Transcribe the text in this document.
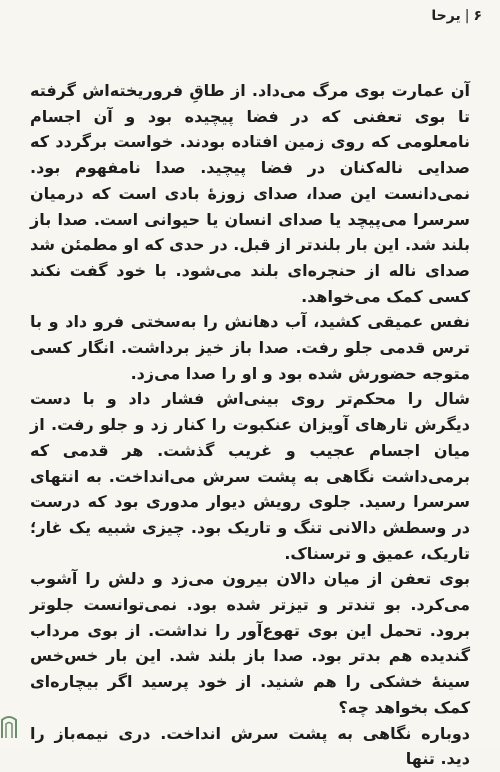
۶|یرحا

آن عمارت بوی مرگ می‌داد. از طاقِ فروریخته‌اش گرفته تا بوی تعفنی که در فضا پیچیده بود و آن اجسام نامعلومی که روی زمین افتاده بودند. خواست برگردد که صدایی ناله‌کنان در فضا پیچید. صدا نامفهوم بود. نمی‌دانست این صدا، صدای زوزهٔ بادی است که درمیان سرسرا می‌پیچد یا صدای انسان یا حیوانی است. صدا باز بلند شد. این بار بلندتر از قبل. در حدی که او مطمئن شد صدای ناله از حنجره‌ای بلند می‌شود. با خود گفت نکند کسی کمک می‌خواهد.

نفس عمیقی کشید، آب دهانش را به‌سختی فرو داد و با ترس قدمی جلو رفت. صدا باز خیز برداشت. انگار کسی متوجه حضورش شده بود و او را صدا می‌زد.

شال را محکم‌تر روی بینی‌اش فشار داد و با دست دیگرش تارهای آویزان عنکبوت را کنار زد و جلو رفت. از میان اجسام عجیب و غریب گذشت. هر قدمی که برمی‌داشت نگاهی به پشت سرش می‌انداخت. به انتهای سرسرا رسید. جلوی رویش دیوار مدوری بود که درست در وسطش دالانی تنگ و تاریک بود. چیزی شبیه یک غار؛ تاریک، عمیق و ترسناک.

بوی تعفن از میان دالان بیرون می‌زد و دلش را آشوب می‌کرد. بو تندتر و تیزتر شده بود. نمی‌توانست جلوتر برود. تحمل این بوی تهوع‌آور را نداشت. از بوی مرداب گندیده هم بدتر بود. صدا باز بلند شد. این بار خس‌خس سینهٔ خشکی را هم شنید. از خود پرسید اگر بیچاره‌ای کمک بخواهد چه؟

دوباره نگاهی به پشت سرش انداخت. دری نیمه‌باز را دید. تنها
